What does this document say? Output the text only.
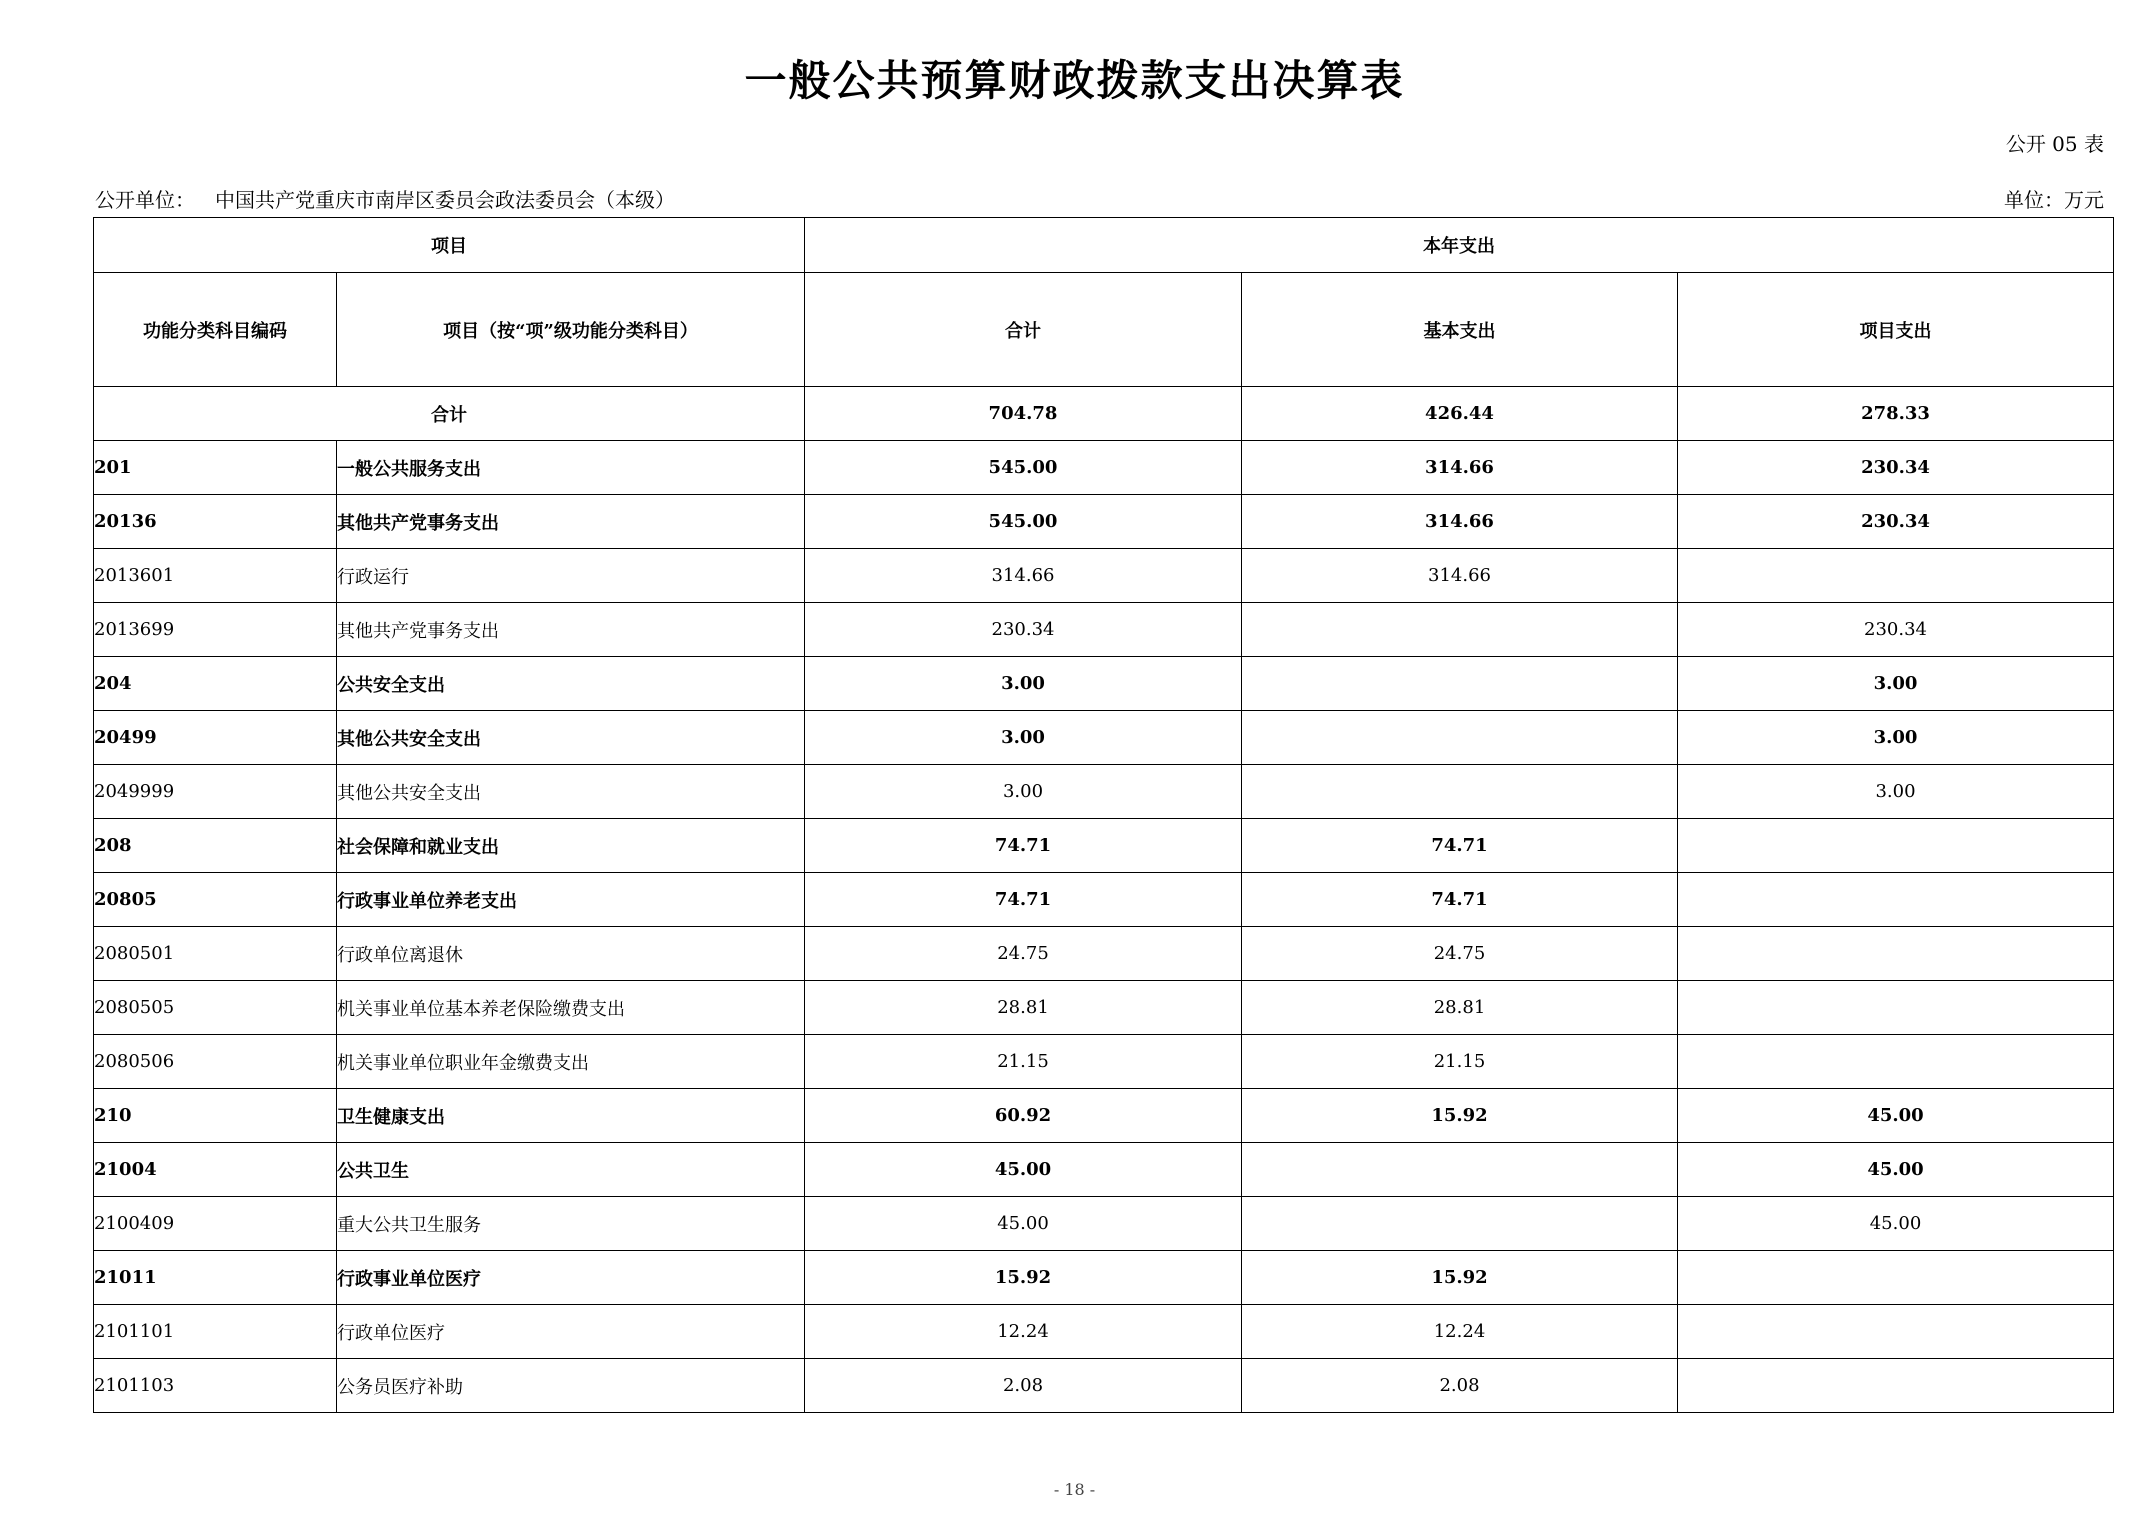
一般公共预算财政拨款支出决算表
公开 05 表
公开单位： 中国共产党重庆市南岸区委员会政法委员会（本级）	单位：万元
项目		本年支出		
功能分类科目编码	项目（按“项”级功能分类科目）	合计	基本支出	项目支出
合计		704.78	426.44	278.33
201	一般公共服务支出	545.00	314.66	230.34
20136	其他共产党事务支出	545.00	314.66	230.34
2013601	行政运行	314.66	314.66	
2013699	其他共产党事务支出	230.34		230.34
204	公共安全支出	3.00		3.00
20499	其他公共安全支出	3.00		3.00
2049999	其他公共安全支出	3.00		3.00
208	社会保障和就业支出	74.71	74.71	
20805	行政事业单位养老支出	74.71	74.71	
2080501	行政单位离退休	24.75	24.75	
2080505	机关事业单位基本养老保险缴费支出	28.81	28.81	
2080506	机关事业单位职业年金缴费支出	21.15	21.15	
210	卫生健康支出	60.92	15.92	45.00
21004	公共卫生	45.00		45.00
2100409	重大公共卫生服务	45.00		45.00
21011	行政事业单位医疗	15.92	15.92	
2101101	行政单位医疗	12.24	12.24	
2101103	公务员医疗补助	2.08	2.08	
- 18 -
